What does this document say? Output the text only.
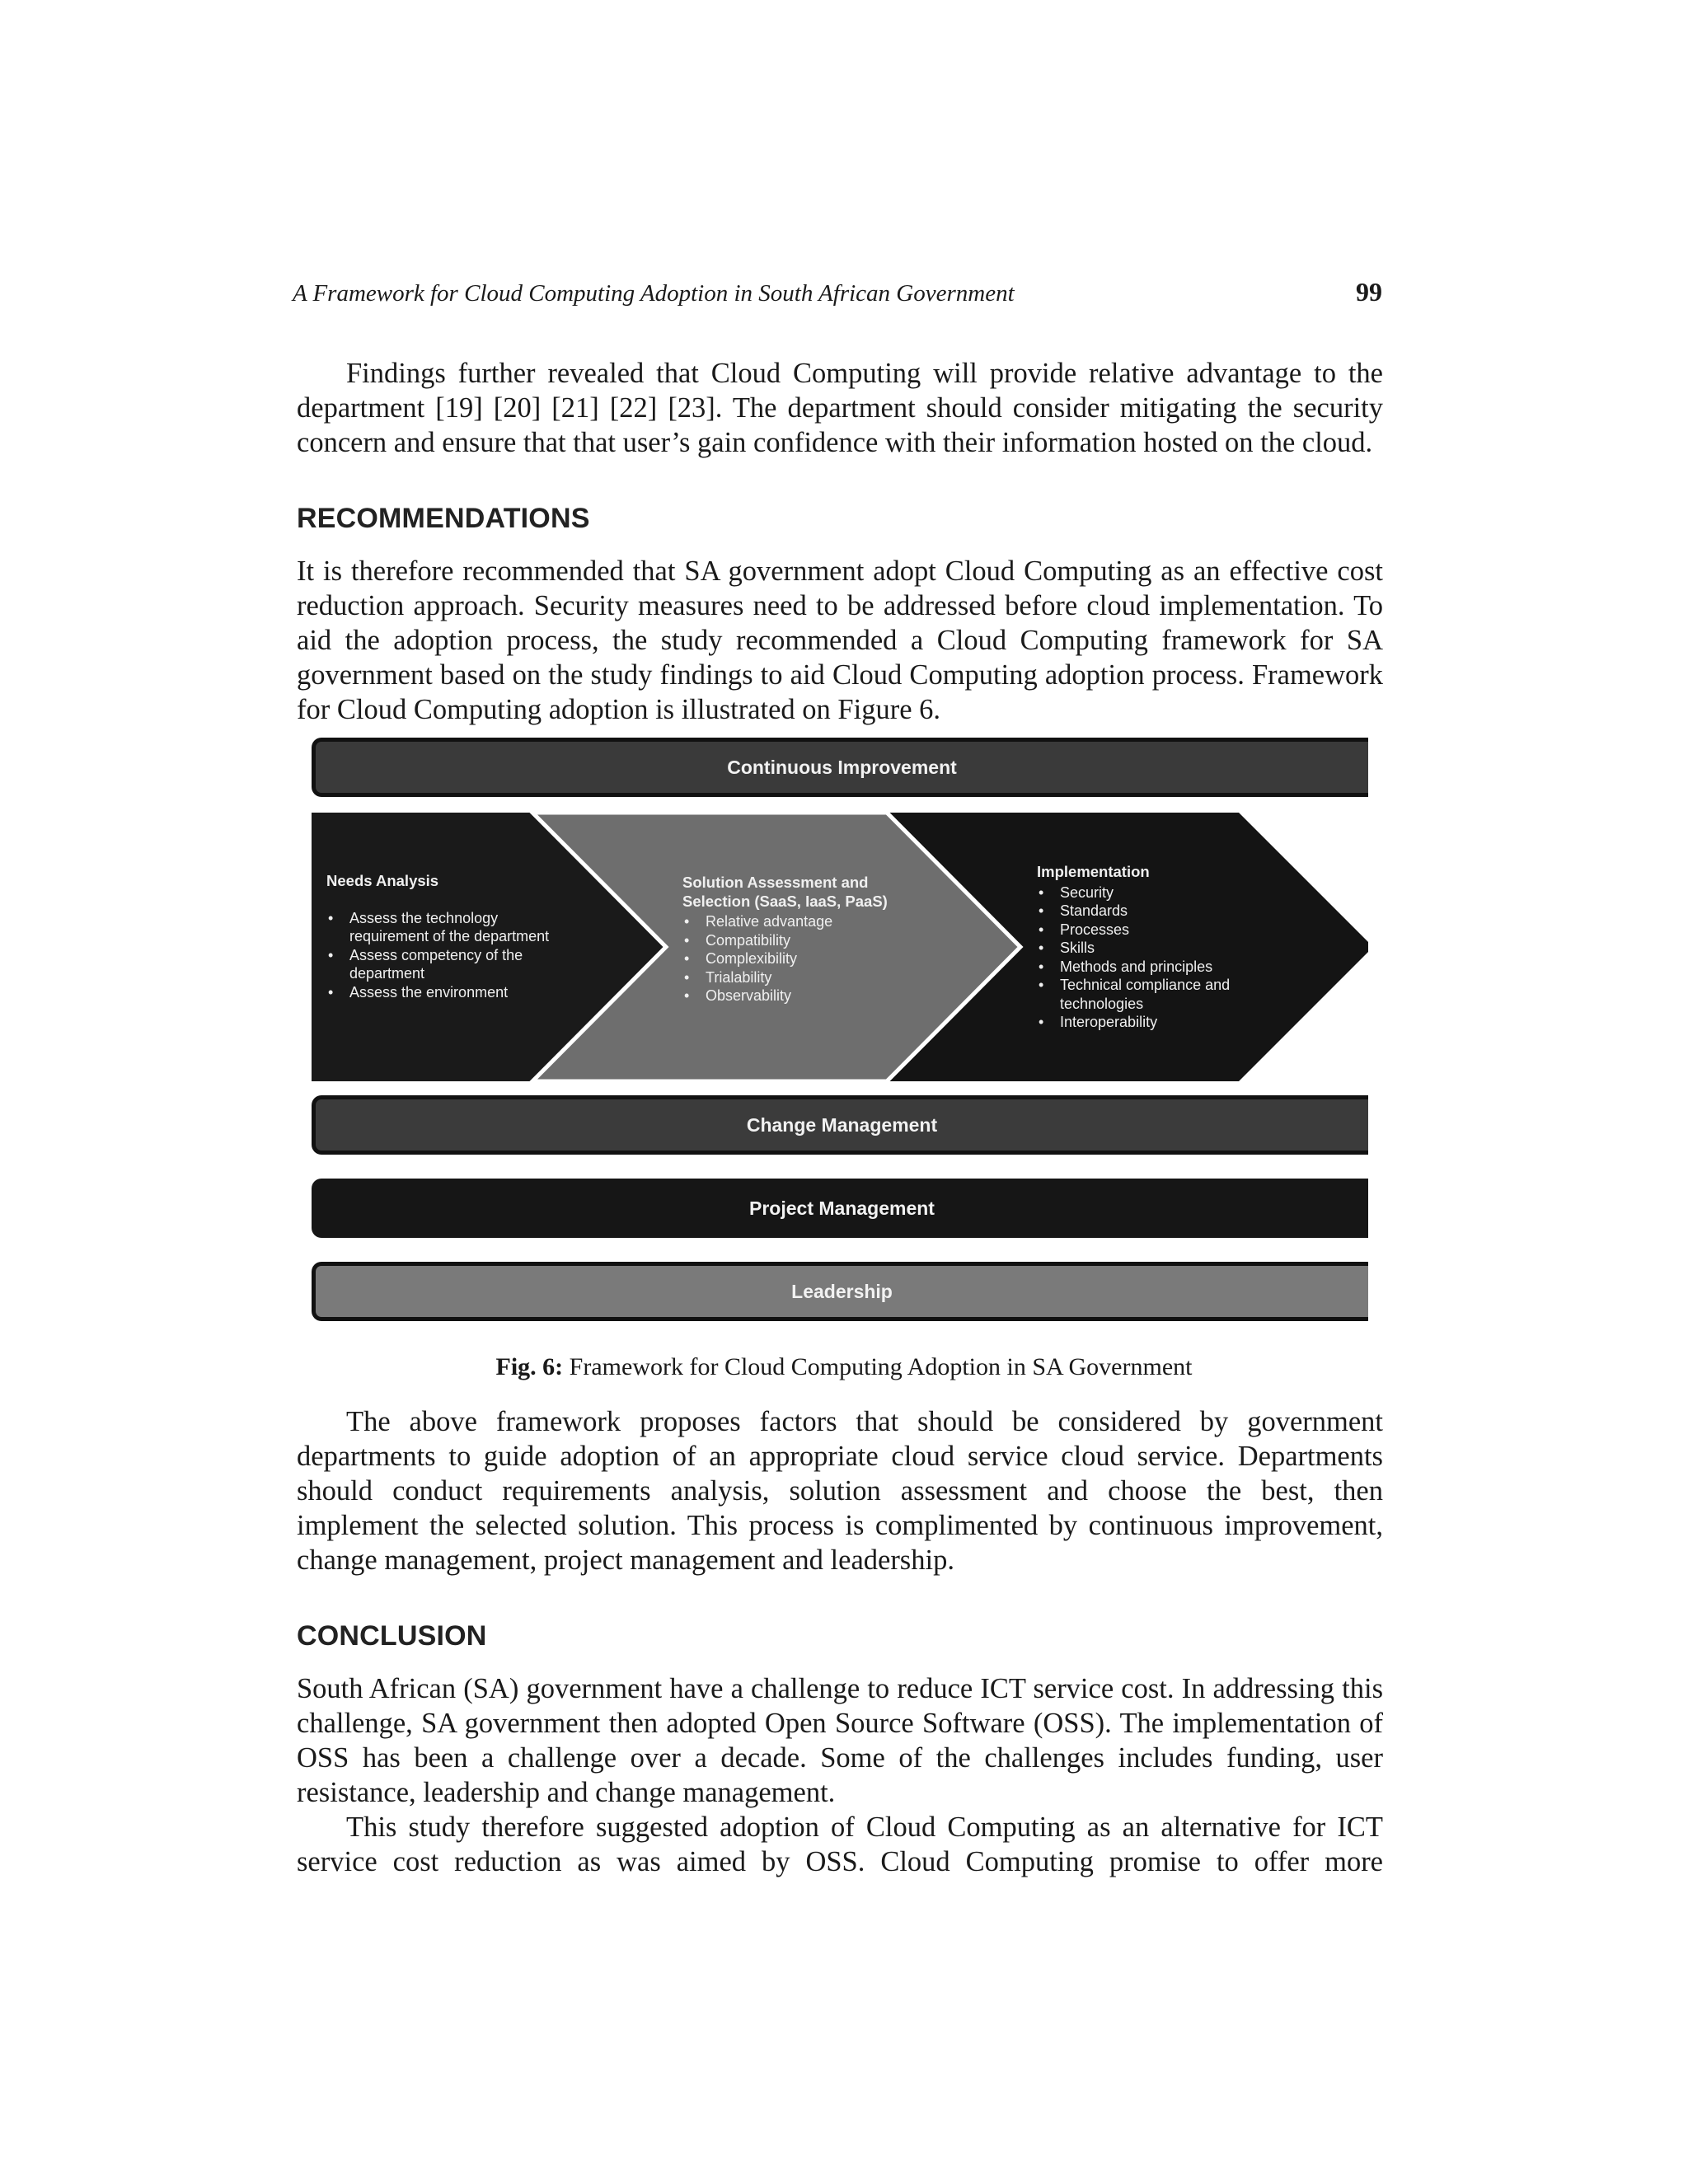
A Framework for Cloud Computing Adoption in South African Government	99

Findings further revealed that Cloud Computing will provide relative advantage to the department [19] [20] [21] [22] [23]. The department should consider mitigating the security concern and ensure that that user’s gain confidence with their information hosted on the cloud.

RECOMMENDATIONS

It is therefore recommended that SA government adopt Cloud Computing as an effective cost reduction approach. Security measures need to be addressed before cloud implementation. To aid the adoption process, the study recommended a Cloud Computing framework for SA government based on the study findings to aid Cloud Computing adoption process. Framework for Cloud Computing adoption is illustrated on Figure 6.

Continuous Improvement

Needs Analysis

• Assess the technology requirement of the department
• Assess competency of the department
• Assess the environment

Solution Assessment and Selection (SaaS, IaaS, PaaS)

• Relative advantage
• Compatibility
• Complexibility
• Trialability
• Observability

Implementation

• Security
• Standards
• Processes
• Skills
• Methods and principles
• Technical compliance and technologies
• Interoperability
Change Management
Project Management
Leadership
Fig. 6: Framework for Cloud Computing Adoption in SA Government

The above framework proposes factors that should be considered by government departments to guide adoption of an appropriate cloud service cloud service. Departments should conduct requirements analysis, solution assessment and choose the best, then implement the selected solution. This process is complimented by continuous improvement, change management, project management and leadership.

CONCLUSION

South African (SA) government have a challenge to reduce ICT service cost. In addressing this challenge, SA government then adopted Open Source Software (OSS). The implementation of OSS has been a challenge over a decade. Some of the challenges includes funding, user resistance, leadership and change management.

This study therefore suggested adoption of Cloud Computing as an alternative for ICT service cost reduction as was aimed by OSS. Cloud Computing promise to offer more
